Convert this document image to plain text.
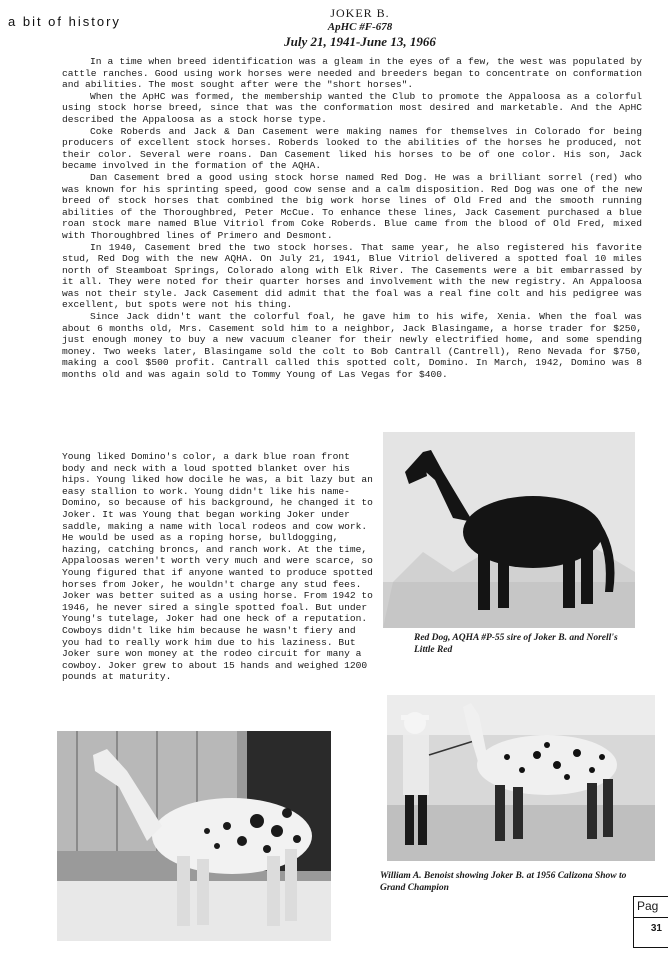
a bit of history
JOKER B.
ApHC #F-678
July 21, 1941-June 13, 1966

In a time when breed identification was a gleam in the eyes of a few, the west was populated by cattle ranches. Good using work horses were needed and breeders began to concentrate on conformation and abilities. The most sought after were the "short horses".

When the ApHC was formed, the membership wanted the Club to promote the Appaloosa as a colorful using stock horse breed, since that was the conformation most desired and marketable. And the ApHC described the Appaloosa as a stock horse type.

Coke Roberds and Jack & Dan Casement were making names for themselves in Colorado for being producers of excellent stock horses. Roberds looked to the abilities of the horses he produced, not their color. Several were roans. Dan Casement liked his horses to be of one color. His son, Jack became involved in the formation of the AQHA.

Dan Casement bred a good using stock horse named Red Dog. He was a brilliant sorrel (red) who was known for his sprinting speed, good cow sense and a calm disposition. Red Dog was one of the new breed of stock horses that combined the big work horse lines of Old Fred and the smooth running abilities of the Thoroughbred, Peter McCue. To enhance these lines, Jack Casement purchased a blue roan stock mare named Blue Vitriol from Coke Roberds. Blue came from the blood of Old Fred, mixed with Thoroughbred lines of Primero and Desmont.

In 1940, Casement bred the two stock horses. That same year, he also registered his favorite stud, Red Dog with the new AQHA. On July 21, 1941, Blue Vitriol delivered a spotted foal 10 miles north of Steamboat Springs, Colorado along with Elk River. The Casements were a bit embarrassed by it all. They were noted for their quarter horses and involvement with the new registry. An Appaloosa was not their style. Jack Casement did admit that the foal was a real fine colt and his pedigree was excellent, but spots were not his thing.

Since Jack didn't want the colorful foal, he gave him to his wife, Xenia. When the foal was about 6 months old, Mrs. Casement sold him to a neighbor, Jack Blasingame, a horse trader for $250, just enough money to buy a new vacuum cleaner for their newly electrified home, and some spending money. Two weeks later, Blasingame sold the colt to Bob Cantrall (Cantrell), Reno Nevada for $750, making a cool $500 profit. Cantrall called this spotted colt, Domino. In March, 1942, Domino was 8 months old and was again sold to Tommy Young of Las Vegas for $400.

Young liked Domino's color, a dark blue roan front body and neck with a loud spotted blanket over his hips. Young liked how docile he was, a bit lazy but an easy stallion to work. Young didn't like his name-Domino, so because of his background, he changed it to Joker. It was Young that began working Joker under saddle, making a name with local rodeos and cow work. He would be used as a roping horse, bulldogging, hazing, catching broncs, and ranch work. At the time, Appaloosas weren't worth very much and were scarce, so Young figured that if anyone wanted to produce spotted horses from Joker, he wouldn't charge any stud fees. Joker was better suited as a using horse. From 1942 to 1946, he never sired a single spotted foal. But under Young's tutelage, Joker had one heck of a reputation. Cowboys didn't like him because he wasn't fiery and you had to really work him due to his laziness. But Joker sure won money at the rodeo circuit for many a cowboy. Joker grew to about 15 hands and weighed 1200 pounds at maturity.

Red Dog, AQHA #P-55 sire of Joker B. and Norell's Little Red
William A. Benoist showing Joker B. at 1956 Calizona Show to Grand Champion
Pag
31
